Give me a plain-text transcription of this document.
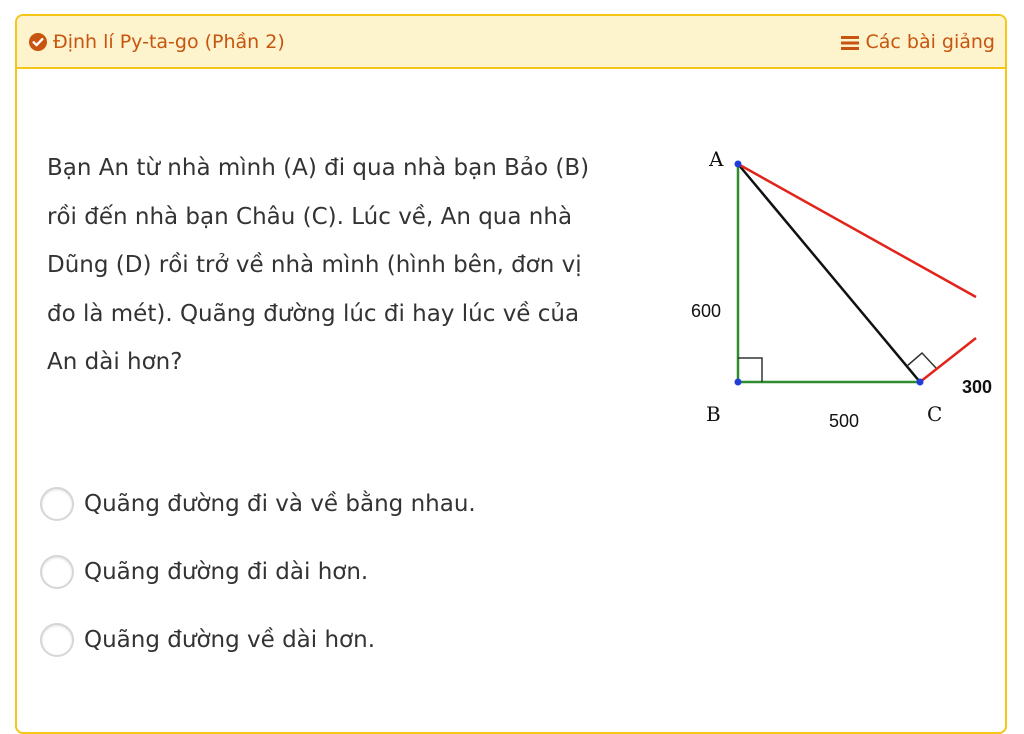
Định lí Py-ta-go (Phần 2)	Các bài giảng
Bạn An từ nhà mình (A) đi qua nhà bạn Bảo (B)
rồi đến nhà bạn Châu (C). Lúc về, An qua nhà
Dũng (D) rồi trở về nhà mình (hình bên, đơn vị
đo là mét). Quãng đường lúc đi hay lúc về của
An dài hơn?
A
B	C
600
500
300
Quãng đường đi và về bằng nhau.
Quãng đường đi dài hơn.
Quãng đường về dài hơn.
